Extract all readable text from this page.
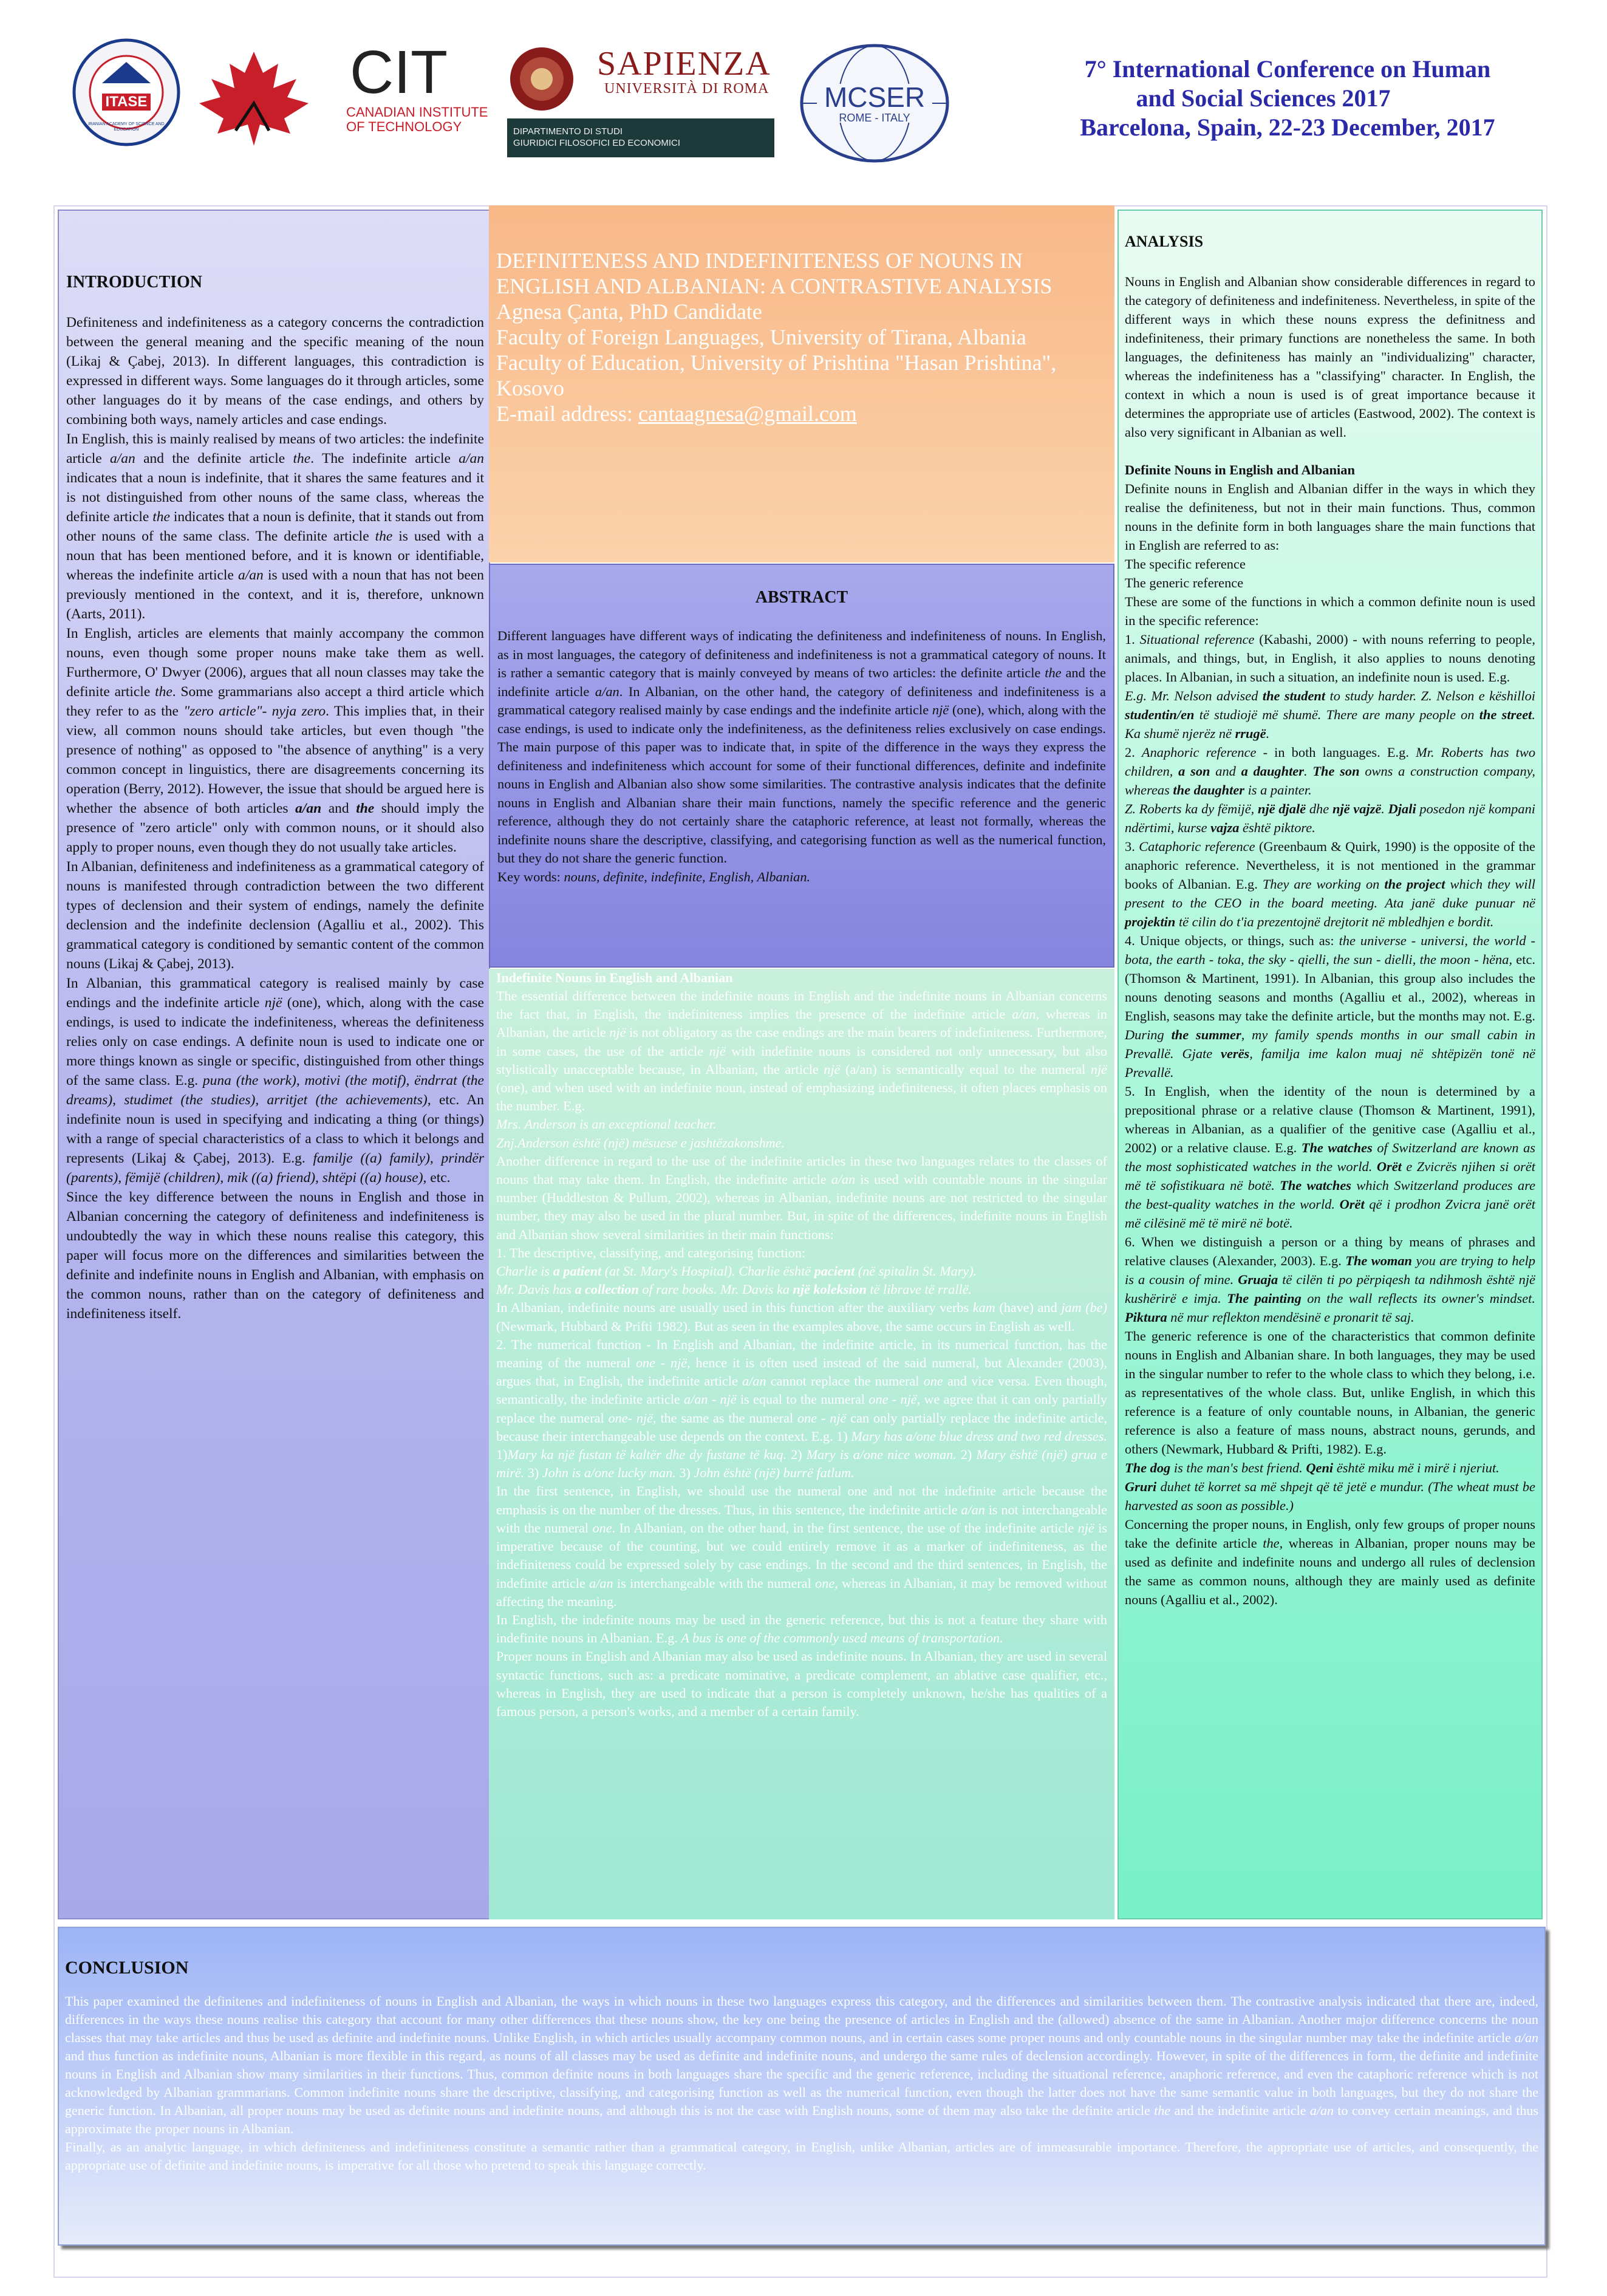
ITASE
IRANIAN ACADEMY OF SCIENCE AND EDUCATION
CIT
CANADIAN INSTITUTE
OF TECHNOLOGY
SAPIENZA
UNIVERSITÀ DI ROMA
DIPARTIMENTO DI STUDI
GIURIDICI FILOSOFICI ED ECONOMICI
MCSER
ROME - ITALY
7° International Conference on Human
and Social Sciences 2017
Barcelona, Spain, 22-23 December, 2017

INTRODUCTION

Definiteness and indefiniteness as a category concerns the contradiction between the general meaning and the specific meaning of the noun (Likaj & Çabej, 2013). In different languages, this contradiction is expressed in different ways. Some languages do it through articles, some other languages do it by means of the case endings, and others by combining both ways, namely articles and case endings.

In English, this is mainly realised by means of two articles: the indefinite article a/an and the definite article the. The indefinite article a/an indicates that a noun is indefinite, that it shares the same features and it is not distinguished from other nouns of the same class, whereas the definite article the indicates that a noun is definite, that it stands out from other nouns of the same class. The definite article the is used with a noun that has been mentioned before, and it is known or identifiable, whereas the indefinite article a/an is used with a noun that has not been previously mentioned in the context, and it is, therefore, unknown (Aarts, 2011).

In English, articles are elements that mainly accompany the common nouns, even though some proper nouns make take them as well. Furthermore, O' Dwyer (2006), argues that all noun classes may take the definite article the. Some grammarians also accept a third article which they refer to as the "zero article"- nyja zero. This implies that, in their view, all common nouns should take articles, but even though "the presence of nothing" as opposed to "the absence of anything" is a very common concept in linguistics, there are disagreements concerning its operation (Berry, 2012). However, the issue that should be argued here is whether the absence of both articles a/an and the should imply the presence of "zero article" only with common nouns, or it should also apply to proper nouns, even though they do not usually take articles.

In Albanian, definiteness and indefiniteness as a grammatical category of nouns is manifested through contradiction between the two different types of declension and their system of endings, namely the definite declension and the indefinite declension (Agalliu et al., 2002). This grammatical category is conditioned by semantic content of the common nouns (Likaj & Çabej, 2013).

In Albanian, this grammatical category is realised mainly by case endings and the indefinite article një (one), which, along with the case endings, is used to indicate the indefiniteness, whereas the definiteness relies only on case endings. A definite noun is used to indicate one or more things known as single or specific, distinguished from other things of the same class. E.g. puna (the work), motivi (the motif), ëndrrat (the dreams), studimet (the studies), arritjet (the achievements), etc. An indefinite noun is used in specifying and indicating a thing (or things) with a range of special characteristics of a class to which it belongs and represents (Likaj & Çabej, 2013). E.g. familje ((a) family), prindër (parents), fëmijë (children), mik ((a) friend), shtëpi ((a) house), etc.

Since the key difference between the nouns in English and those in Albanian concerning the category of definiteness and indefiniteness is undoubtedly the way in which these nouns realise this category, this paper will focus more on the differences and similarities between the definite and indefinite nouns in English and Albanian, with emphasis on the common nouns, rather than on the category of definiteness and indefiniteness itself.

DEFINITENESS AND INDEFINITENESS OF NOUNS IN ENGLISH AND ALBANIAN: A CONTRASTIVE ANALYSIS

Agnesa Çanta, PhD Candidate

Faculty of Foreign Languages, University of Tirana, Albania

Faculty of Education, University of Prishtina "Hasan Prishtina", Kosovo

E-mail address: cantaagnesa@gmail.com

ABSTRACT

Different languages have different ways of indicating the definiteness and indefiniteness of nouns. In English, as in most languages, the category of definiteness and indefiniteness is not a grammatical category of nouns. It is rather a semantic category that is mainly conveyed by means of two articles: the definite article the and the indefinite article a/an. In Albanian, on the other hand, the category of definiteness and indefiniteness is a grammatical category realised mainly by case endings and the indefinite article një (one), which, along with the case endings, is used to indicate only the indefiniteness, as the definiteness relies exclusively on case endings. The main purpose of this paper was to indicate that, in spite of the difference in the ways they express the definiteness and indefiniteness which account for some of their functional differences, definite and indefinite nouns in English and Albanian also show some similarities. The contrastive analysis indicates that the definite nouns in English and Albanian share their main functions, namely the specific reference and the generic reference, although they do not certainly share the cataphoric reference, at least not formally, whereas the indefinite nouns share the descriptive, classifying, and categorising function as well as the numerical function, but they do not share the generic function.

Key words: nouns, definite, indefinite, English, Albanian.

Indefinite Nouns in English and Albanian

The essential difference between the indefinite nouns in English and the indefinite nouns in Albanian concerns the fact that, in English, the indefiniteness implies the presence of the indefinite article a/an, whereas in Albanian, the article një is not obligatory as the case endings are the main bearers of indefiniteness. Furthermore, in some cases, the use of the article një with indefinite nouns is considered not only unnecessary, but also stylistically unacceptable because, in Albanian, the article një (a/an) is semantically equal to the numeral një (one), and when used with an indefinite noun, instead of emphasizing indefiniteness, it often places emphasis on the number. E.g.

Mrs. Anderson is an exceptional teacher.

Znj.Anderson është (një) mësuese e jashtëzakonshme.

Another difference in regard to the use of the indefinite articles in these two languages relates to the classes of nouns that may take them. In English, the indefinite article a/an is used with countable nouns in the singular number (Huddleston & Pullum, 2002), whereas in Albanian, indefinite nouns are not restricted to the singular number, they may also be used in the plural number. But, in spite of the differences, indefinite nouns in English and Albanian show several similarities in their main functions:

1. The descriptive, classifying, and categorising function:

Charlie is a patient (at St. Mary's Hospital). Charlie është pacient (në spitalin St. Mary).

Mr. Davis has a collection of rare books. Mr. Davis ka një koleksion të librave të rrallë.

In Albanian, indefinite nouns are usually used in this function after the auxiliary verbs kam (have) and jam (be) (Newmark, Hubbard & Prifti 1982). But as seen in the examples above, the same occurs in English as well.

2. The numerical function - In English and Albanian, the indefinite article, in its numerical function, has the meaning of the numeral one - një, hence it is often used instead of the said numeral, but Alexander (2003), argues that, in English, the indefinite article a/an cannot replace the numeral one and vice versa. Even though, semantically, the indefinite article a/an - një is equal to the numeral one - një, we agree that it can only partially replace the numeral one- një, the same as the numeral one - një can only partially replace the indefinite article, because their interchangeable use depends on the context. E.g. 1) Mary has a/one blue dress and two red dresses. 1)Mary ka një fustan të kaltër dhe dy fustane të kuq. 2) Mary is a/one nice woman. 2) Mary është (një) grua e mirë. 3) John is a/one lucky man. 3) John është (një) burrë fatlum.

In the first sentence, in English, we should use the numeral one and not the indefinite article because the emphasis is on the number of the dresses. Thus, in this sentence, the indefinite article a/an is not interchangeable with the numeral one. In Albanian, on the other hand, in the first sentence, the use of the indefinite article një is imperative because of the counting, but we could entirely remove it as a marker of indefiniteness, as the indefiniteness could be expressed solely by case endings. In the second and the third sentences, in English, the indefinite article a/an is interchangeable with the numeral one, whereas in Albanian, it may be removed without affecting the meaning.

In English, the indefinite nouns may be used in the generic reference, but this is not a feature they share with indefinite nouns in Albanian. E.g. A bus is one of the commonly used means of transportation.

Proper nouns in English and Albanian may also be used as indefinite nouns. In Albanian, they are used in several syntactic functions, such as: a predicate nominative, a predicate complement, an ablative case qualifier, etc., whereas in English, they are used to indicate that a person is completely unknown, he/she has qualities of a famous person, a person's works, and a member of a certain family.

ANALYSIS

Nouns in English and Albanian show considerable differences in regard to the category of definiteness and indefiniteness. Nevertheless, in spite of the different ways in which these nouns express the definitness and indefiniteness, their primary functions are nonetheless the same. In both languages, the definiteness has mainly an "individualizing" character, whereas the indefiniteness has a "classifying" character. In English, the context in which a noun is used is of great importance because it determines the appropriate use of articles (Eastwood, 2002). The context is also very significant in Albanian as well.

Definite Nouns in English and Albanian

Definite nouns in English and Albanian differ in the ways in which they realise the definiteness, but not in their main functions. Thus, common nouns in the definite form in both languages share the main functions that in English are referred to as:

The specific reference

The generic reference

These are some of the functions in which a common definite noun is used in the specific reference:

1. Situational reference (Kabashi, 2000) - with nouns referring to people, animals, and things, but, in English, it also applies to nouns denoting places. In Albanian, in such a situation, an indefinite noun is used. E.g.

E.g. Mr. Nelson advised the student to study harder. Z. Nelson e këshilloi studentin/en të studiojë më shumë. There are many people on the street. Ka shumë njerëz në rrugë.

2. Anaphoric reference - in both languages. E.g. Mr. Roberts has two children, a son and a daughter. The son owns a construction company, whereas the daughter is a painter.

Z. Roberts ka dy fëmijë, një djalë dhe një vajzë. Djali posedon një kompani ndërtimi, kurse vajza është piktore.

3. Cataphoric reference (Greenbaum & Quirk, 1990) is the opposite of the anaphoric reference. Nevertheless, it is not mentioned in the grammar books of Albanian. E.g. They are working on the project which they will present to the CEO in the board meeting. Ata janë duke punuar në projektin të cilin do t'ia prezentojnë drejtorit në mbledhjen e bordit.

4. Unique objects, or things, such as: the universe - universi, the world - bota, the earth - toka, the sky - qielli, the sun - dielli, the moon - hëna, etc. (Thomson & Martinent, 1991). In Albanian, this group also includes the nouns denoting seasons and months (Agalliu et al., 2002), whereas in English, seasons may take the definite article, but the months may not. E.g. During the summer, my family spends months in our small cabin in Prevallë. Gjate verës, familja ime kalon muaj në shtëpizën tonë në Prevallë.

5. In English, when the identity of the noun is determined by a prepositional phrase or a relative clause (Thomson & Martinent, 1991), whereas in Albanian, as a qualifier of the genitive case (Agalliu et al., 2002) or a relative clause. E.g. The watches of Switzerland are known as the most sophisticated watches in the world. Orët e Zvicrës njihen si orët më të sofistikuara në botë. The watches which Switzerland produces are the best-quality watches in the world. Orët që i prodhon Zvicra janë orët më cilësinë më të mirë në botë.

6. When we distinguish a person or a thing by means of phrases and relative clauses (Alexander, 2003). E.g. The woman you are trying to help is a cousin of mine. Gruaja të cilën ti po përpiqesh ta ndihmosh është një kushërirë e imja. The painting on the wall reflects its owner's mindset. Piktura në mur reflekton mendësinë e pronarit të saj.

The generic reference is one of the characteristics that common definite nouns in English and Albanian share. In both languages, they may be used in the singular number to refer to the whole class to which they belong, i.e. as representatives of the whole class. But, unlike English, in which this reference is a feature of only countable nouns, in Albanian, the generic reference is also a feature of mass nouns, abstract nouns, gerunds, and others (Newmark, Hubbard & Prifti, 1982). E.g.

The dog is the man's best friend. Qeni është miku më i mirë i njeriut.

Gruri duhet të korret sa më shpejt që të jetë e mundur. (The wheat must be harvested as soon as possible.)

Concerning the proper nouns, in English, only few groups of proper nouns take the definite article the, whereas in Albanian, proper nouns may be used as definite and indefinite nouns and undergo all rules of declension the same as common nouns, although they are mainly used as definite nouns (Agalliu et al., 2002).

CONCLUSION

This paper examined the definitenes and indefiniteness of nouns in English and Albanian, the ways in which nouns in these two languages express this category, and the differences and similarities between them. The contrastive analysis indicated that there are, indeed, differences in the ways these nouns realise this category that account for many other differences that these nouns show, the key one being the presence of articles in English and the (allowed) absence of the same in Albanian. Another major difference concerns the noun classes that may take articles and thus be used as definite and indefinite nouns. Unlike English, in which articles usually accompany common nouns, and in certain cases some proper nouns and only countable nouns in the singular number may take the indefinite article a/an and thus function as indefinite nouns, Albanian is more flexible in this regard, as nouns of all classes may be used as definite and indefinite nouns, and undergo the same rules of declension accordingly. However, in spite of the differences in form, the definite and indefinite nouns in English and Albanian show many similarities in their functions. Thus, common definite nouns in both languages share the specific and the generic reference, including the situational reference, anaphoric reference, and even the cataphoric reference which is not acknowledged by Albanian grammarians. Common indefinite nouns share the descriptive, classifying, and categorising function as well as the numerical function, even though the latter does not have the same semantic value in both languages, but they do not share the generic function. In Albanian, all proper nouns may be used as definite nouns and indefinite nouns, and although this is not the case with English nouns, some of them may also take the definite article the and the indefinite article a/an to convey certain meanings, and thus approximate the proper nouns in Albanian.

Finally, as an analytic language, in which definiteness and indefiniteness constitute a semantic rather than a grammatical category, in English, unlike Albanian, articles are of immeasurable importance. Therefore, the appropriate use of articles, and consequently, the appropriate use of definite and indefinite nouns, is imperative for all those who pretend to speak this language correctly.
